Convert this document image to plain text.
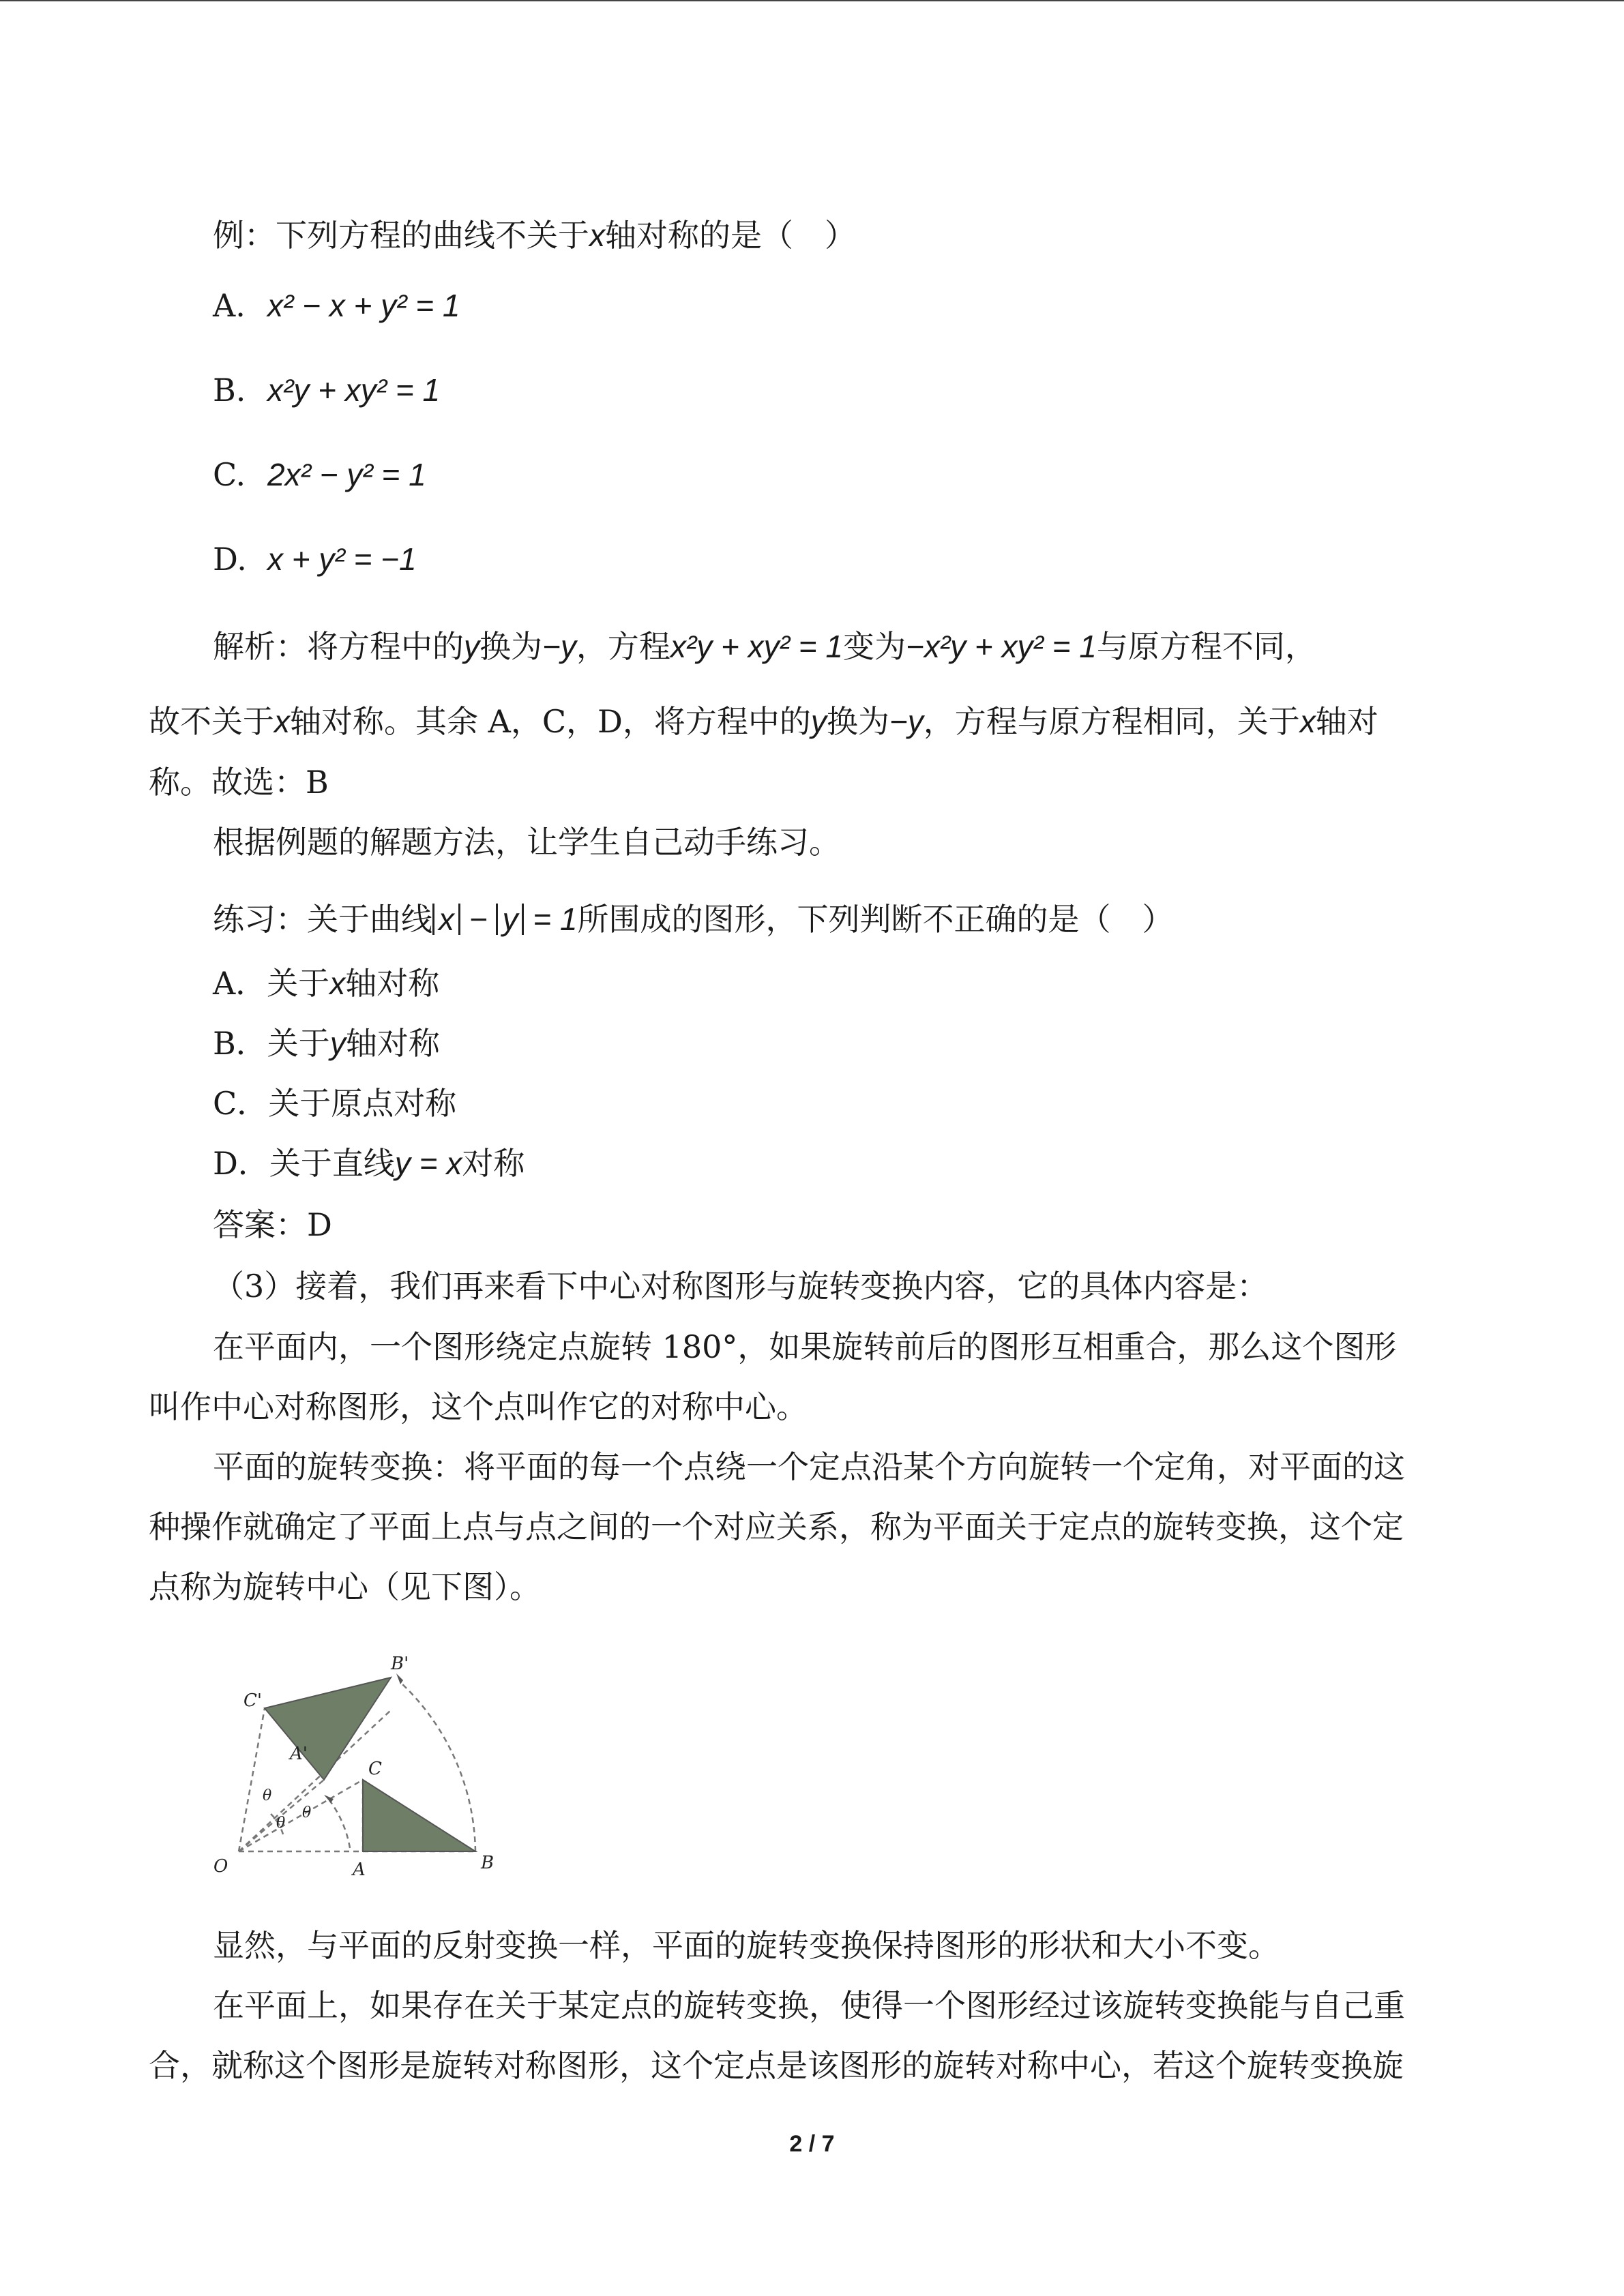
例：下列方程的曲线不关于x轴对称的是（　）
A. x² − x + y² = 1
B. x²y + xy² = 1
C. 2x² − y² = 1
D. x + y² = −1
解析：将方程中的y换为−y，方程x²y + xy² = 1变为−x²y + xy² = 1与原方程不同，
故不关于x轴对称。其余 A，C，D，将方程中的y换为−y，方程与原方程相同，关于x轴对
称。故选：B
根据例题的解题方法，让学生自己动手练习。
练习：关于曲线 x − y = 1所围成的图形，下列判断不正确的是（　）
A．关于x轴对称
B．关于y轴对称
C．关于原点对称
D．关于直线y = x对称
答案：D
（3）接着，我们再来看下中心对称图形与旋转变换内容，它的具体内容是：
在平面内，一个图形绕定点旋转 180°，如果旋转前后的图形互相重合，那么这个图形
叫作中心对称图形，这个点叫作它的对称中心。
平面的旋转变换：将平面的每一个点绕一个定点沿某个方向旋转一个定角，对平面的这
种操作就确定了平面上点与点之间的一个对应关系，称为平面关于定点的旋转变换，这个定
点称为旋转中心（见下图）。
O	A	B
C
A'
B'
C'
θ
θ
θ
显然，与平面的反射变换一样，平面的旋转变换保持图形的形状和大小不变。
在平面上，如果存在关于某定点的旋转变换，使得一个图形经过该旋转变换能与自己重
合，就称这个图形是旋转对称图形，这个定点是该图形的旋转对称中心，若这个旋转变换旋
2 / 7
